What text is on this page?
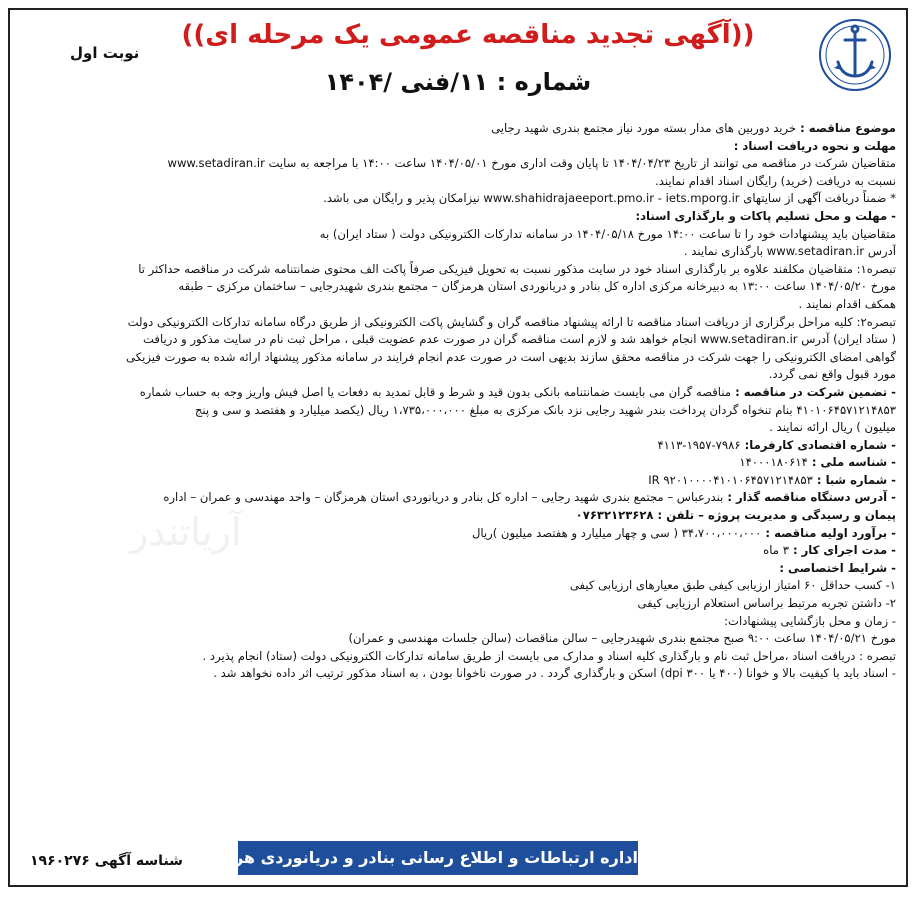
((آگهی تجدید مناقصه عمومی یک مرحله ای))
شماره : ۱۱/فنی /۱۴۰۴
نوبت اول
آریاتندر
موضوع مناقصه : خرید دوربین های مدار بسته مورد نیاز مجتمع بندری شهید رجایی
مهلت و نحوه دریافت اسناد :
متقاضیان شرکت در مناقصه می توانند از تاریخ ۱۴۰۴/۰۴/۲۳ تا پایان وقت اداری مورخ ۱۴۰۴/۰۵/۰۱ ساعت ۱۴:۰۰ با مراجعه به سایت www.setadiran.ir
نسبت به دریافت (خرید) رایگان اسناد اقدام نمایند.
* ضمناً دریافت آگهی از سایتهای www.shahidrajaeeport.pmo.ir - iets.mporg.ir نیزامکان پذیر و رایگان می باشد.
- مهلت و محل تسلیم پاکات و بارگذاری اسناد:
متقاضیان باید پیشنهادات خود را تا ساعت ۱۴:۰۰ مورخ ۱۴۰۴/۰۵/۱۸ در سامانه تدارکات الکترونیکی دولت ( ستاد ایران) به
آدرس www.setadiran.ir بارگذاری نمایند .
تبصره۱: متقاضیان مکلفند علاوه بر بارگذاری اسناد خود در سایت مذکور نسبت به تحویل فیزیکی صرفاً پاکت الف محتوی ضمانتنامه شرکت در مناقصه حداکثر تا
مورخ ۱۴۰۴/۰۵/۲۰ ساعت ۱۳:۰۰ به دبیرخانه مرکزی اداره کل بنادر و دریانوردی استان هرمزگان – مجتمع بندری شهیدرجایی – ساختمان مرکزی – طبقه
همکف اقدام نمایند .
تبصره۲: کلیه مراحل برگزاری از دریافت اسناد مناقصه تا ارائه پیشنهاد مناقصه گران و گشایش پاکت الکترونیکی از طریق درگاه سامانه تدارکات الکترونیکی دولت
( ستاد ایران) آدرس www.setadiran.ir انجام خواهد شد و لازم است مناقصه گران در صورت عدم عضویت قبلی ، مراحل ثبت نام در سایت مذکور و دریافت
گواهی امضای الکترونیکی را جهت شرکت در مناقصه محقق سازند بدیهی است در صورت عدم انجام فرایند در سامانه مذکور پیشنهاد ارائه شده به صورت فیزیکی
مورد قبول واقع نمی گردد.
- تضمین شرکت در مناقصه : مناقصه گران می بایست ضمانتنامه بانکی بدون قید و شرط و قابل تمدید به دفعات یا اصل فیش واریز وجه به حساب شماره
۴۱۰۱۰۶۴۵۷۱۲۱۴۸۵۳ بنام تنخواه گردان پرداخت بندر شهید رجایی نزد بانک مرکزی به مبلغ ۱،۷۳۵،۰۰۰،۰۰۰ ریال (یکصد میلیارد و هفتصد و سی و پنج
میلیون ) ریال ارائه نمایند .
- شماره اقتصادی کارفرما: ۷۹۸۶-۱۹۵۷-۴۱۱۳
- شناسه ملی : ۱۴۰۰۰۱۸۰۶۱۴
- شماره شبا : IR ۹۲۰۱۰۰۰۰۴۱۰۱۰۶۴۵۷۱۲۱۴۸۵۳
- آدرس دستگاه مناقصه گذار : بندرعباس – مجتمع بندری شهید رجایی – اداره کل بنادر و دریانوردی استان هرمزگان – واحد مهندسی و عمران – اداره
پیمان و رسیدگی و مدیریت پروژه – تلفن : ۰۷۶۳۲۱۲۳۶۲۸
- برآورد اولیه مناقصه : ۳۴،۷۰۰،۰۰۰،۰۰۰ ( سی و چهار میلیارد و هفتصد میلیون )ریال
- مدت اجرای کار : ۳ ماه
- شرایط اختصاصی :
۱- کسب حداقل ۶۰ امتیاز ارزیابی کیفی طبق معیارهای ارزیابی کیفی
۲- داشتن تجربه مرتبط براساس استعلام ارزیابی کیفی
- زمان و محل بازگشایی پیشنهادات:
مورخ ۱۴۰۴/۰۵/۲۱ ساعت ۹:۰۰ صبح مجتمع بندری شهیدرجایی – سالن مناقصات (سالن جلسات مهندسی و عمران)
تبصره : دریافت اسناد ،مراحل ثبت نام و بارگذاری کلیه اسناد و مدارک می بایست از طریق سامانه تدارکات الکترونیکی دولت (ستاد) انجام پذیرد .
- اسناد باید با کیفیت بالا و خوانا (۴۰۰ یا ۳۰۰ dpi) اسکن و بارگذاری گردد . در صورت ناخوانا بودن ، به اسناد مذکور ترتیب اثر داده نخواهد شد .
اداره ارتباطات و اطلاع رسانی بنادر و دریانوردی هرمزگان
شناسه آگهی ۱۹۶۰۲۷۶
